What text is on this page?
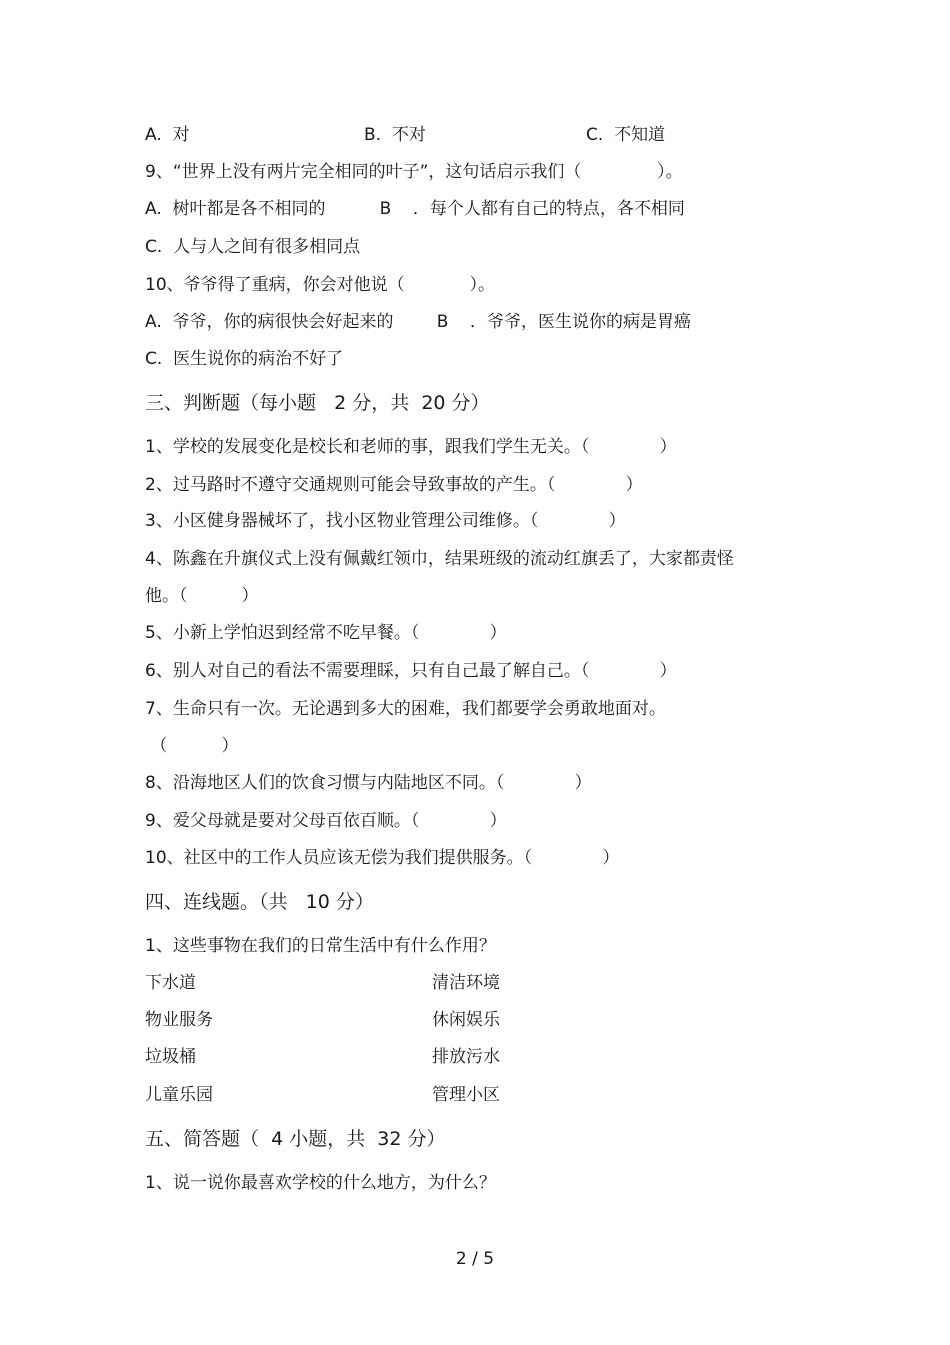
A.  对	B.  不对	C.  不知道
9、“世界上没有两片完全相同的叶子”，这句话启示我们（              ）。
A.  树叶都是各不相同的          B    ．每个人都有自己的特点，各不相同
C.  人与人之间有很多相同点
10、爷爷得了重病，你会对他说（            ）。
A.  爷爷，你的病很快会好起来的        B    ．爷爷，医生说你的病是胃癌
C.  医生说你的病治不好了
三、判断题（每小题   2 分，共  20 分）
1、学校的发展变化是校长和老师的事，跟我们学生无关。（             ）
2、过马路时不遵守交通规则可能会导致事故的产生。（             ）
3、小区健身器械坏了，找小区物业管理公司维修。（             ）
4、陈鑫在升旗仪式上没有佩戴红领巾，结果班级的流动红旗丢了，大家都责怪
他。（          ）
5、小新上学怕迟到经常不吃早餐。（             ）
6、别人对自己的看法不需要理睬，只有自己最了解自己。（             ）
7、生命只有一次。无论遇到多大的困难，我们都要学会勇敢地面对。
（          ）
8、沿海地区人们的饮食习惯与内陆地区不同。（             ）
9、爱父母就是要对父母百依百顺。（             ）
10、社区中的工作人员应该无偿为我们提供服务。（             ）
四、连线题。（共   10 分）
1、这些事物在我们的日常生活中有什么作用？
下水道	清洁环境
物业服务	休闲娱乐
垃圾桶	排放污水
儿童乐园	管理小区
五、简答题（  4 小题，共  32 分）
1、说一说你最喜欢学校的什么地方，为什么？
2 / 5
